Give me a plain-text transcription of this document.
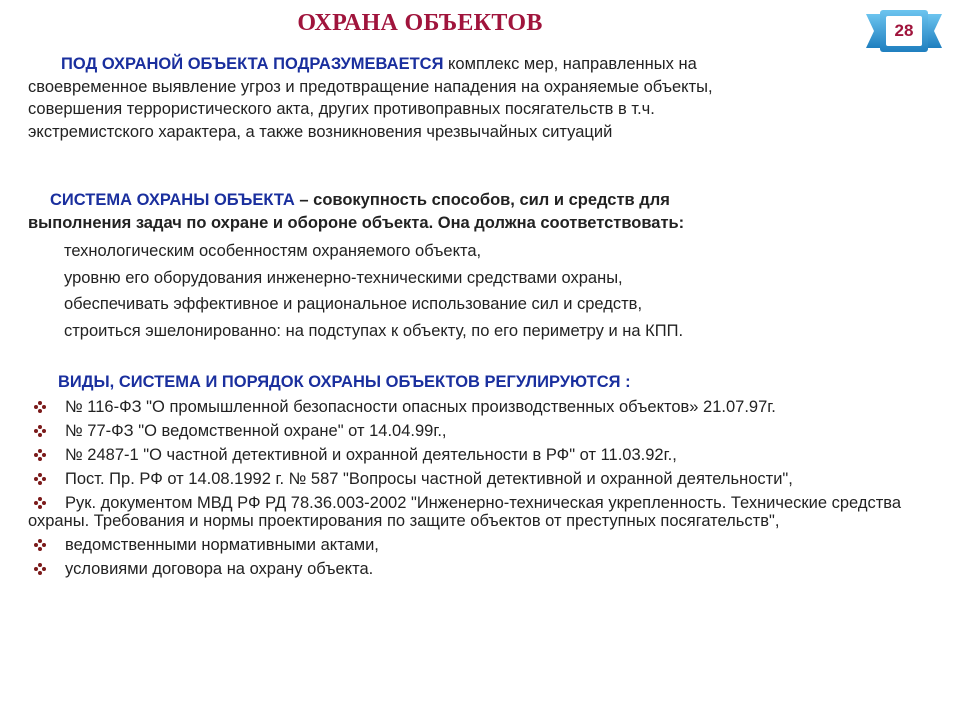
ОХРАНА ОБЪЕКТОВ	28
ПОД ОХРАНОЙ ОБЪЕКТА ПОДРАЗУМЕВАЕТСЯ комплекс мер, направленных на
своевременное выявление угроз и предотвращение нападения на охраняемые объекты,
совершения террористического акта, других противоправных посягательств в т.ч.
экстремистского характера, а также возникновения чрезвычайных ситуаций
СИСТЕМА ОХРАНЫ ОБЪЕКТА – совокупность способов, сил и средств для
выполнения задач по охране и обороне объекта. Она должна соответствовать:
технологическим особенностям охраняемого объекта,
уровню его оборудования инженерно-техническими средствами охраны,
обеспечивать эффективное и рациональное использование сил и средств,
строиться эшелонированно: на подступах к объекту, по его периметру и на КПП.
ВИДЫ, СИСТЕМА И ПОРЯДОК ОХРАНЫ ОБЪЕКТОВ РЕГУЛИРУЮТСЯ :
№ 116-ФЗ "О промышленной безопасности опасных производственных объектов» 21.07.97г.
№ 77-ФЗ "О ведомственной охране" от 14.04.99г.,
№ 2487-1 "О частной детективной и охранной деятельности в РФ" от 11.03.92г.,
Пост. Пр. РФ от 14.08.1992 г. № 587 "Вопросы частной детективной и охранной деятельности",
Рук. документом МВД РФ РД 78.36.003-2002 "Инженерно-техническая укрепленность. Технические средства охраны. Требования и нормы проектирования по защите объектов от преступных посягательств",
ведомственными нормативными актами,
условиями договора на охрану объекта.
